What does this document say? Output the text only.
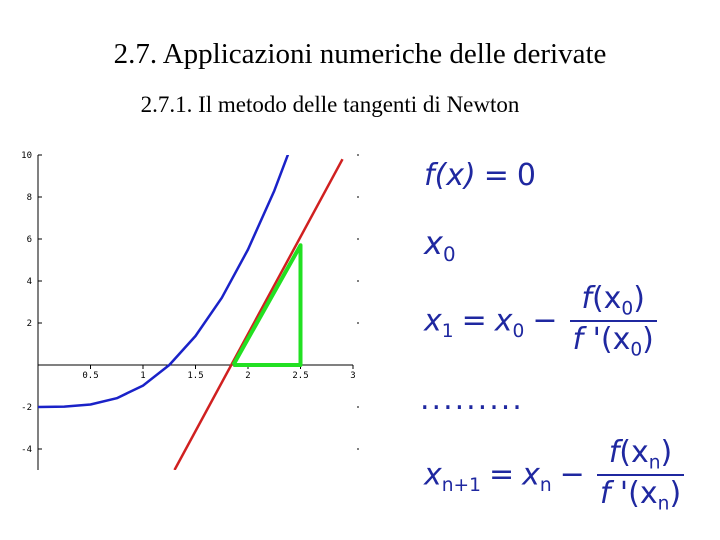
2.7. Applicazioni numeriche delle derivate
2.7.1. Il metodo delle tangenti di Newton
0.5	1	1.5	2	2.5	3
10
8
6
4
2
-2
-4
f(x) = 0
$x_0$
$x_1 = x_0 - \frac{f(x_0)}{f '(x_0)}$
.........
$x_{n+1} = x_n - \frac{f(x_n)}{f '(x_n)}$
